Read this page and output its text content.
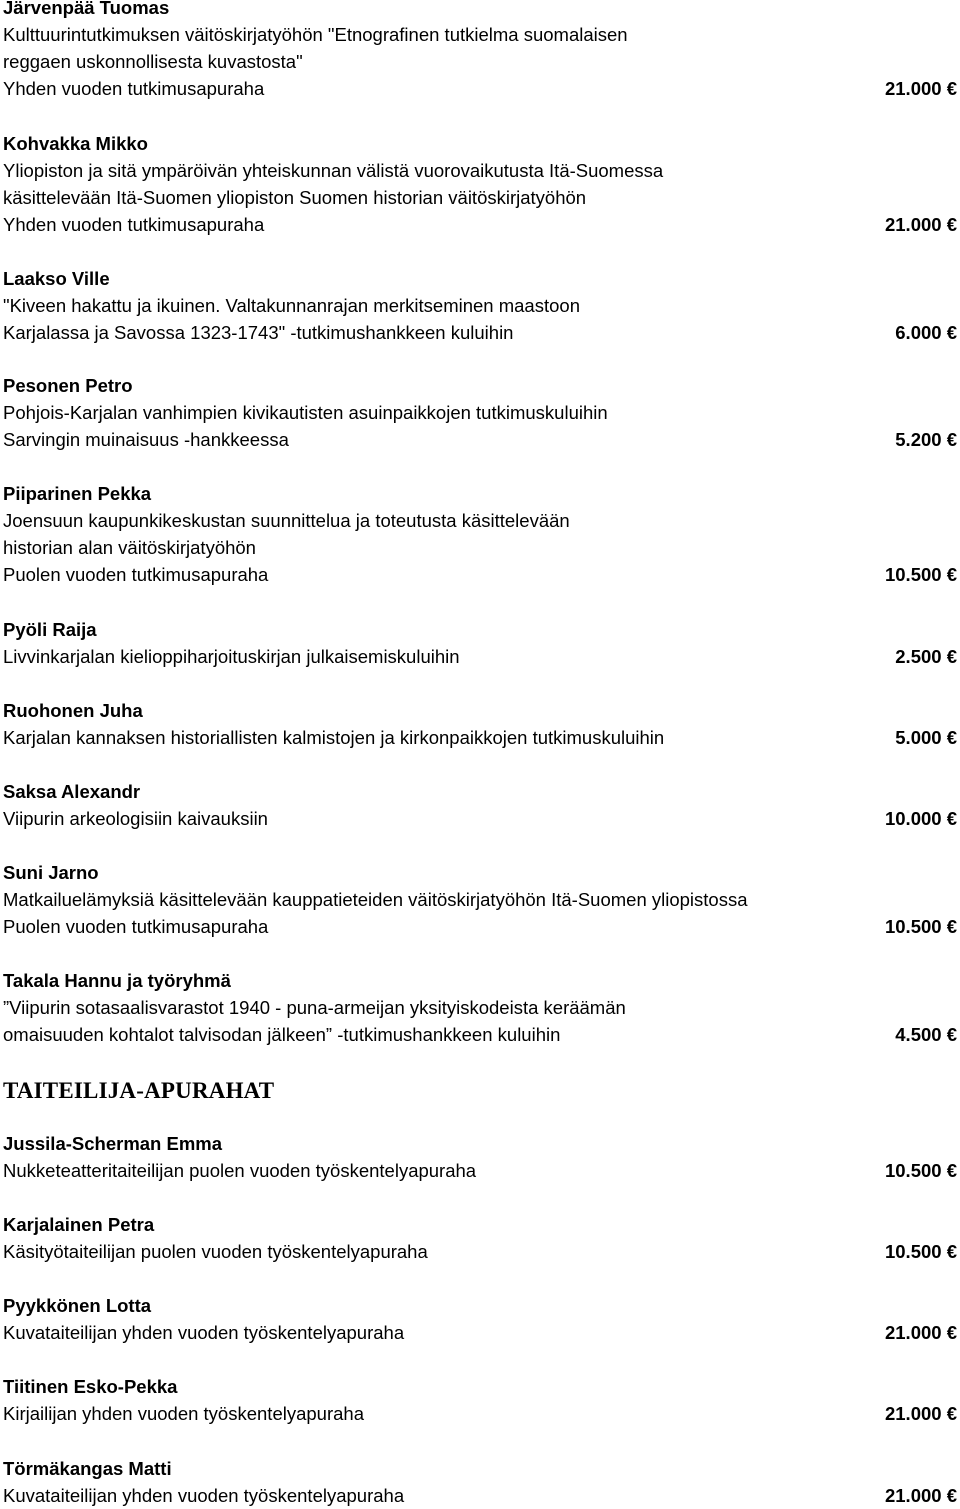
Järvenpää Tuomas
Kulttuurintutkimuksen väitöskirjatyöhön "Etnografinen tutkielma suomalaisen
reggaen uskonnollisesta kuvastosta"
Yhden vuoden tutkimusapuraha	21.000 €
Kohvakka Mikko
Yliopiston ja sitä ympäröivän yhteiskunnan välistä vuorovaikutusta Itä-Suomessa
käsittelevään Itä-Suomen yliopiston Suomen historian väitöskirjatyöhön
Yhden vuoden tutkimusapuraha	21.000 €
Laakso Ville
"Kiveen hakattu ja ikuinen. Valtakunnanrajan merkitseminen maastoon
Karjalassa ja Savossa 1323-1743" -tutkimushankkeen kuluihin	6.000 €
Pesonen Petro
Pohjois-Karjalan vanhimpien kivikautisten asuinpaikkojen tutkimuskuluihin
Sarvingin muinaisuus -hankkeessa	5.200 €
Piiparinen Pekka
Joensuun kaupunkikeskustan suunnittelua ja toteutusta käsittelevään
historian alan väitöskirjatyöhön
Puolen vuoden tutkimusapuraha	10.500 €
Pyöli Raija
Livvinkarjalan kielioppiharjoituskirjan julkaisemiskuluihin	2.500 €
Ruohonen Juha
Karjalan kannaksen historiallisten kalmistojen ja kirkonpaikkojen tutkimuskuluihin	5.000 €
Saksa Alexandr
Viipurin arkeologisiin kaivauksiin	10.000 €
Suni Jarno
Matkailuelämyksiä käsittelevään kauppatieteiden väitöskirjatyöhön Itä-Suomen yliopistossa
Puolen vuoden tutkimusapuraha	10.500 €
Takala Hannu ja työryhmä
”Viipurin sotasaalisvarastot 1940 - puna-armeijan yksityiskodeista keräämän
omaisuuden kohtalot talvisodan jälkeen” -tutkimushankkeen kuluihin	4.500 €
TAITEILIJA-APURAHAT
Jussila-Scherman Emma
Nukketeatteritaiteilijan puolen vuoden työskentelyapuraha	10.500 €
Karjalainen Petra
Käsityötaiteilijan puolen vuoden työskentelyapuraha	10.500 €
Pyykkönen Lotta
Kuvataiteilijan yhden vuoden työskentelyapuraha	21.000 €
Tiitinen Esko-Pekka
Kirjailijan yhden vuoden työskentelyapuraha	21.000 €
Törmäkangas Matti
Kuvataiteilijan yhden vuoden työskentelyapuraha	21.000 €
